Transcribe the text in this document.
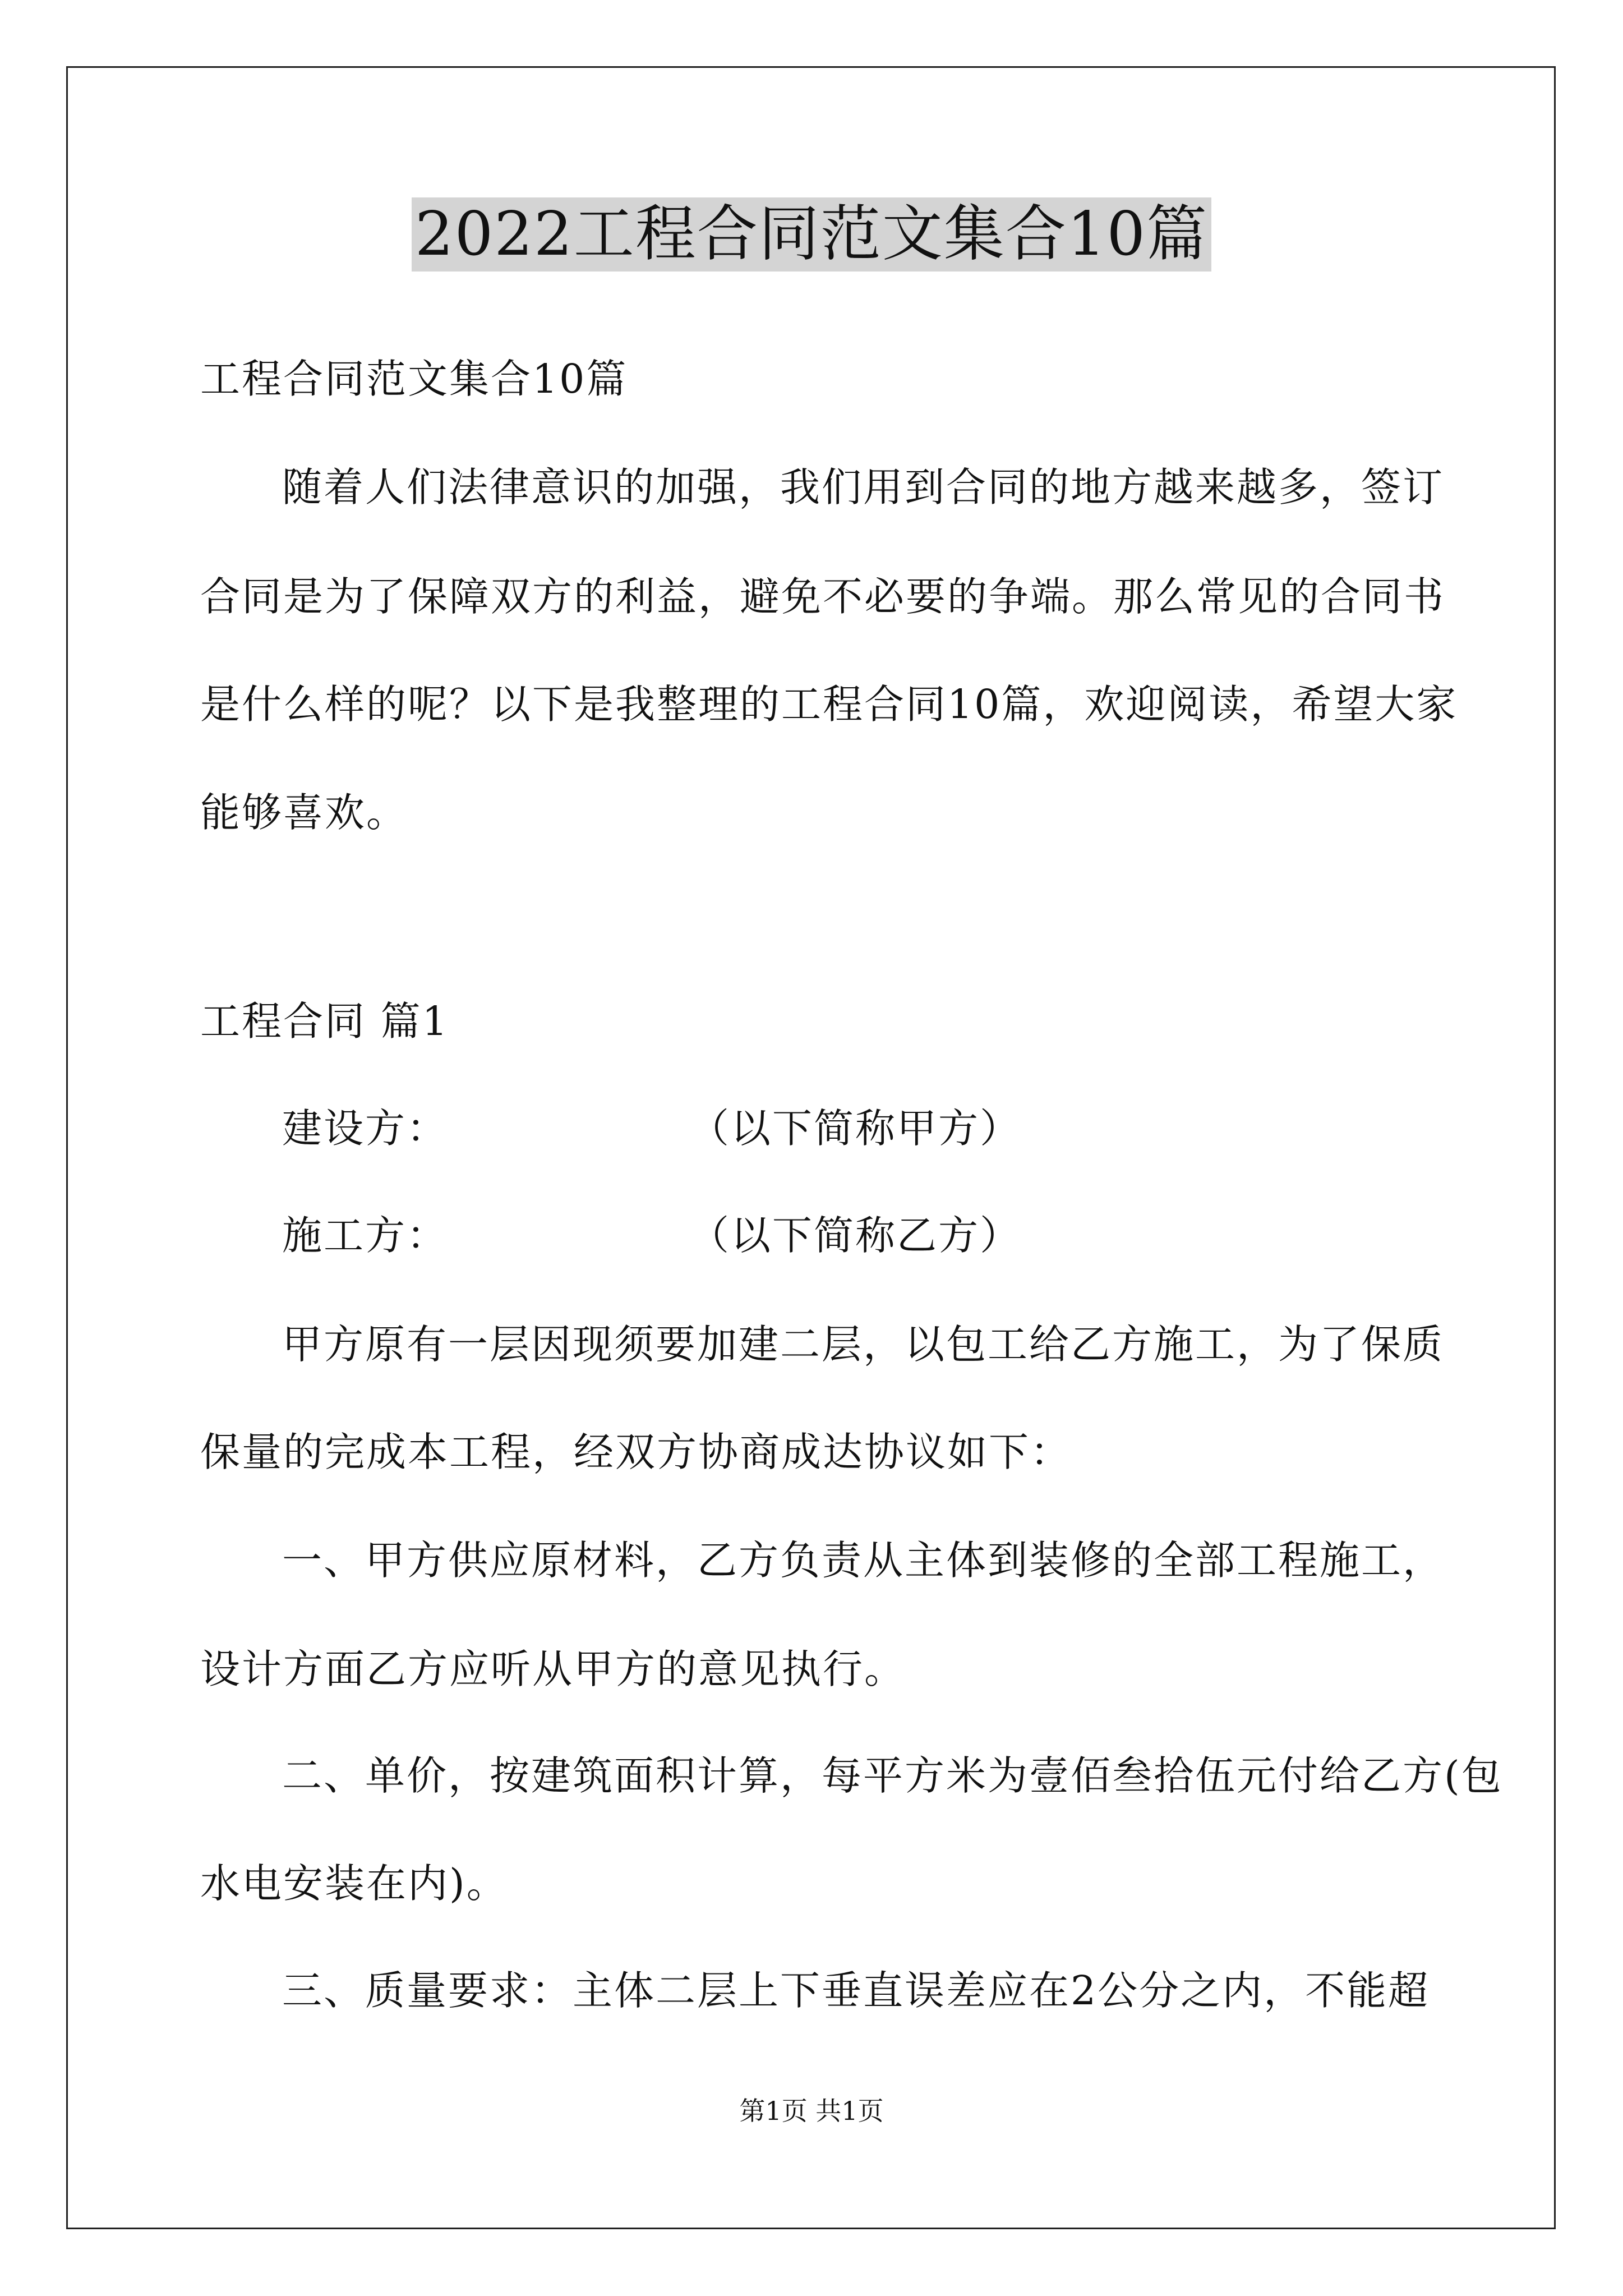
2022工程合同范文集合10篇
工程合同范文集合10篇
随着人们法律意识的加强，我们用到合同的地方越来越多，签订
合同是为了保障双方的利益，避免不必要的争端。那么常见的合同书
是什么样的呢？以下是我整理的工程合同10篇，欢迎阅读，希望大家
能够喜欢。
工程合同 篇1
建设方：	（以下简称甲方）
施工方：	（以下简称乙方）
甲方原有一层因现须要加建二层，以包工给乙方施工，为了保质
保量的完成本工程，经双方协商成达协议如下：
一、甲方供应原材料，乙方负责从主体到装修的全部工程施工，
设计方面乙方应听从甲方的意见执行。
二、单价，按建筑面积计算，每平方米为壹佰叁拾伍元付给乙方(包
水电安装在内)。
三、质量要求：主体二层上下垂直误差应在2公分之内，不能超
第1页 共1页
